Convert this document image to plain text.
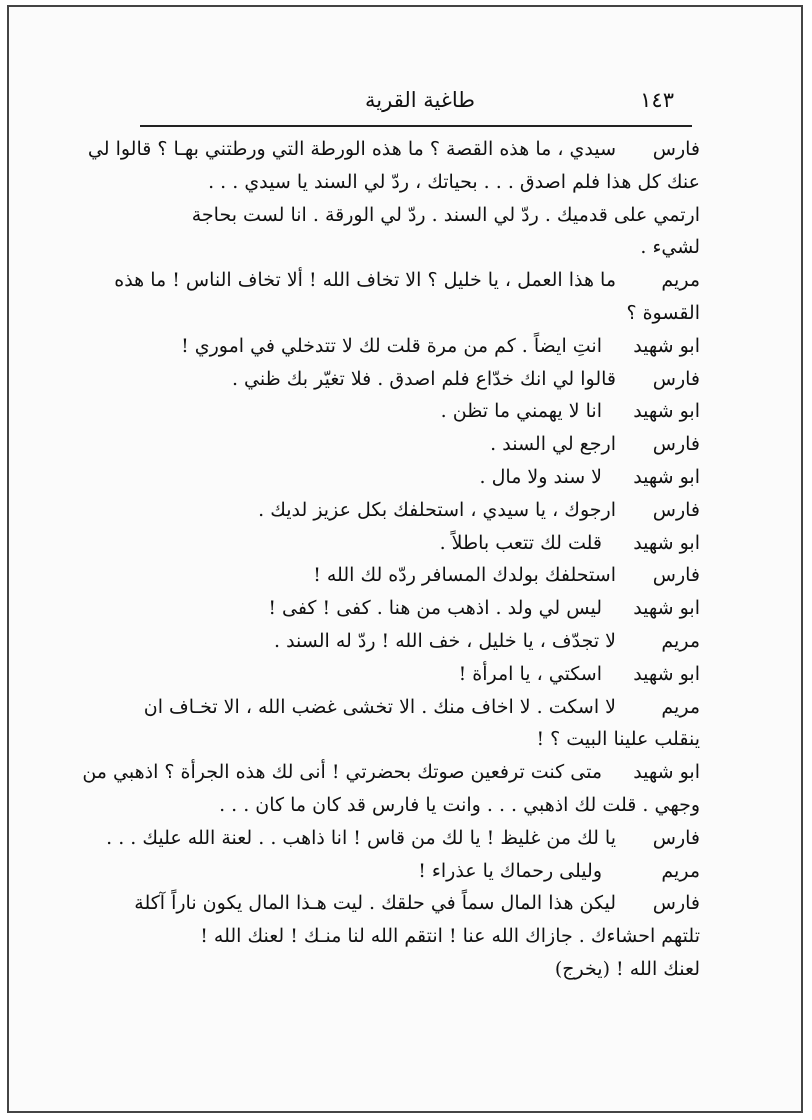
طاغية القرية	١٤٣
فارس
سيدي ، ما هذه القصة ؟ ما هذه الورطة التي ورطتني بهـا ؟ قالوا لي
عنك كل هذا فلم اصدق . . . بحياتك ، ردّ لي السند يا سيدي . . .
ارتمي على قدميك . ردّ لي السند . ردّ لي الورقة . انا لست بحاجة
لشيء .
مريم
ما هذا العمل ، يا خليل ؟ الا تخاف الله ! ألا تخاف الناس ! ما هذه
القسوة ؟
ابو شهيد
انتِ ايضاً . كم من مرة قلت لك لا تتدخلي في اموري !
فارس
قالوا لي انك خدّاع فلم اصدق . فلا تغيّر بك ظني .
ابو شهيد
انا لا يهمني ما تظن .
فارس
ارجع لي السند .
ابو شهيد
لا سند ولا مال .
فارس
ارجوك ، يا سيدي ، استحلفك بكل عزيز لديك .
ابو شهيد
قلت لك تتعب باطلاً .
فارس
استحلفك بولدك المسافر ردّه لك الله !
ابو شهيد
ليس لي ولد . اذهب من هنا . كفى ! كفى !
مريم
لا تجدّف ، يا خليل ، خف الله ! ردّ له السند .
ابو شهيد
اسكتي ، يا امرأة !
مريم
لا اسكت . لا اخاف منك . الا تخشى غضب الله ، الا تخـاف ان
ينقلب علينا البيت ؟ !
ابو شهيد
متى كنت ترفعين صوتك بحضرتي ! أنى لك هذه الجرأة ؟ اذهبي من
وجهي . قلت لك اذهبي . . . وانت يا فارس قد كان ما كان . . .
فارس
يا لك من غليظ ! يا لك من قاس ! انا ذاهب . . لعنة الله عليك . . .
مريم
وليلى رحماك يا عذراء !
فارس
ليكن هذا المال سماً في حلقك . ليت هـذا المال يكون ناراً آكلة
تلتهم احشاءك . جازاك الله عنا ! انتقم الله لنا منـك ! لعنك الله !
لعنك الله ! (يخرج)
